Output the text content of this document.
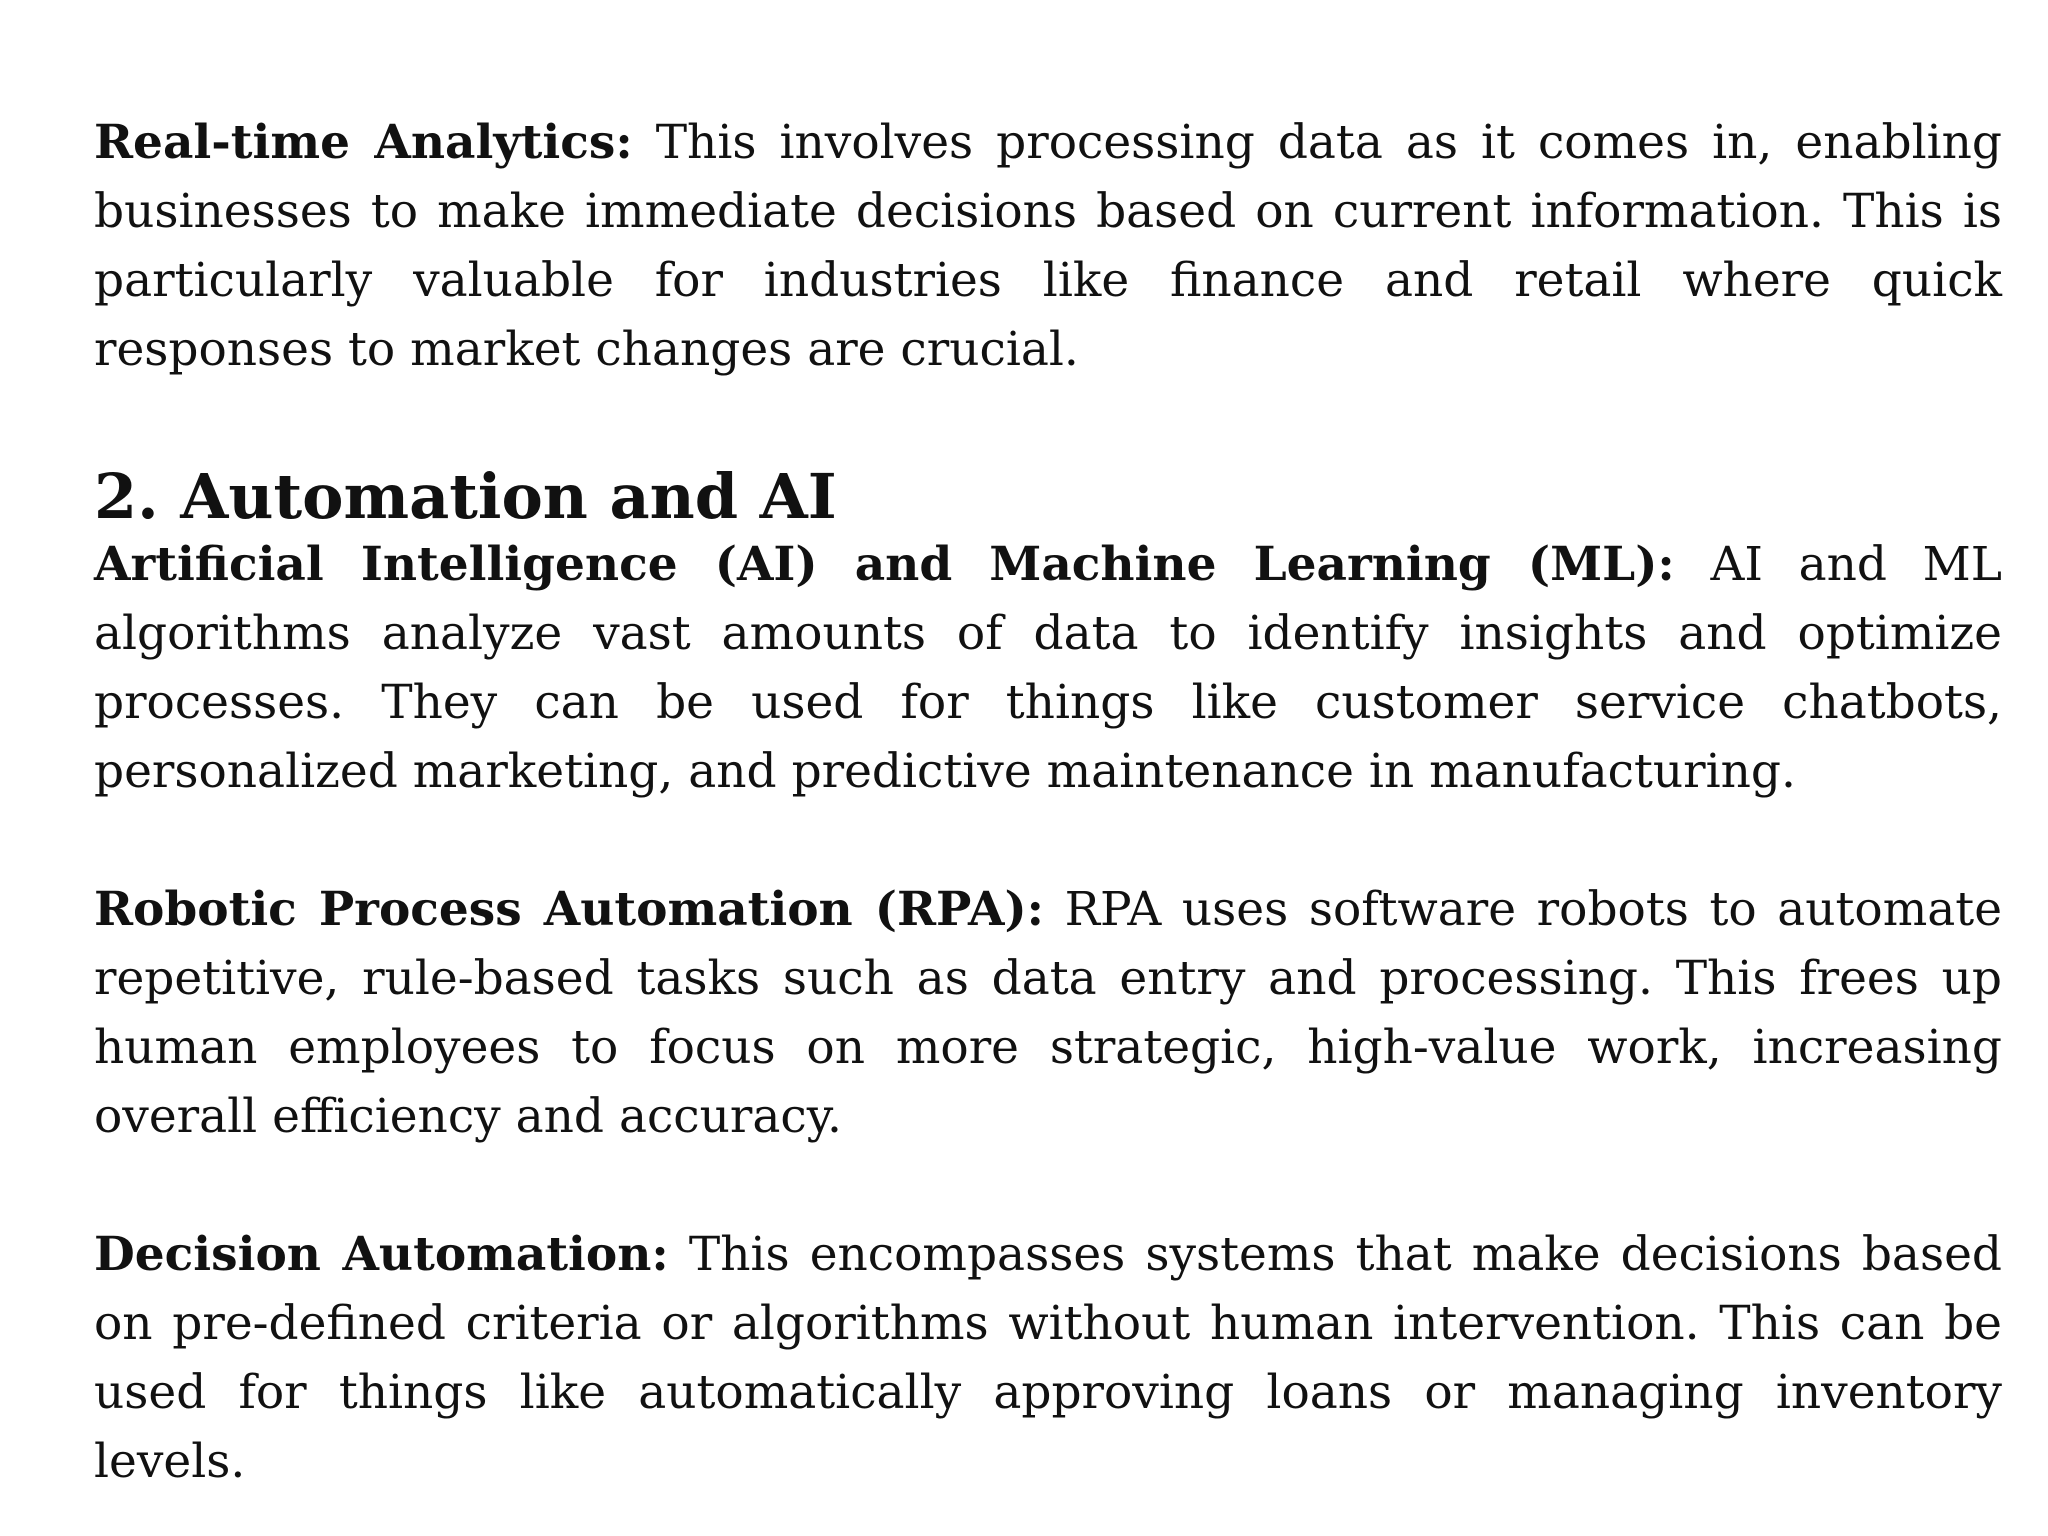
Real-time Analytics: This involves processing data as it comes in, enabling businesses to make immediate decisions based on current information. This is particularly valuable for industries like finance and retail where quick responses to market changes are crucial.

2. Automation and AI

Artificial Intelligence (AI) and Machine Learning (ML): AI and ML algorithms analyze vast amounts of data to identify insights and optimize processes. They can be used for things like customer service chatbots, personalized marketing, and predictive maintenance in manufacturing.

Robotic Process Automation (RPA): RPA uses software robots to automate repetitive, rule-based tasks such as data entry and processing. This frees up human employees to focus on more strategic, high-value work, increasing overall efficiency and accuracy.

Decision Automation: This encompasses systems that make decisions based on pre-defined criteria or algorithms without human intervention. This can be used for things like automatically approving loans or managing inventory levels.
